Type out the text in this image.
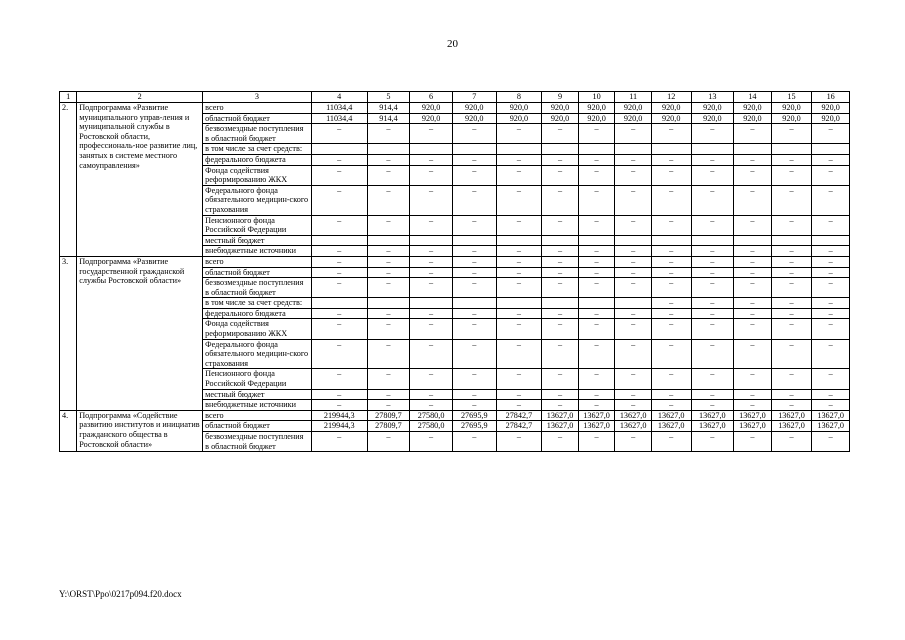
20
1	2	3	4	5	6	7	8	9	10	11	12	13	14	15	16
2.	Подпрограмма «Развитие муниципального управ-ления и муниципальной службы в Ростовской области, профессиональ-ное развитие лиц, занятых в системе местного самоуправления»	всего	11034,4	914,4	920,0	920,0	920,0	920,0	920,0	920,0	920,0	920,0	920,0	920,0	920,0
		областной бюджет	11034,4	914,4	920,0	920,0	920,0	920,0	920,0	920,0	920,0	920,0	920,0	920,0	920,0
		безвозмездные поступления в областной бюджет	–	–	–	–	–	–	–	–	–	–	–	–	–
		в том числе за счет средств:													
		федерального бюджета	–	–	–	–	–	–	–	–	–	–	–	–	–
		Фонда содействия реформированию ЖКХ	–	–	–	–	–	–	–	–	–	–	–	–	–
		Федерального фонда обязательного медицин-ского страхования	–	–	–	–	–	–	–	–	–	–	–	–	–
		Пенсионного фонда Российской Федерации	–	–	–	–	–	–	–	–	–	–	–	–	–
		местный бюджет													
		внебюджетные источники	–	–	–	–	–	–	–	–	–	–	–	–	–
3.	Подпрограмма «Развитие государственной гражданской службы Ростовской области»	всего	–	–	–	–	–	–	–	–	–	–	–	–	–
		областной бюджет	–	–	–	–	–	–	–	–	–	–	–	–	–
		безвозмездные поступления в областной бюджет	–	–	–	–	–	–	–	–	–	–	–	–	–
		в том числе за счет средств:									–	–	–	–	–
		федерального бюджета	–	–	–	–	–	–	–	–	–	–	–	–	–
		Фонда содействия реформированию ЖКХ	–	–	–	–	–	–	–	–	–	–	–	–	–
		Федерального фонда обязательного медицин-ского страхования	–	–	–	–	–	–	–	–	–	–	–	–	–
		Пенсионного фонда Российской Федерации	–	–	–	–	–	–	–	–	–	–	–	–	–
		местный бюджет	–	–	–	–	–	–	–	–	–	–	–	–	–
		внебюджетные источники	–	–	–	–	–	–	–	–	–	–	–	–	–
4.	Подпрограмма «Содействие развитию институтов и инициатив гражданского общества в Ростовской области»	всего	219944,3	27809,7	27580,0	27695,9	27842,7	13627,0	13627,0	13627,0	13627,0	13627,0	13627,0	13627,0	13627,0
		областной бюджет	219944,3	27809,7	27580,0	27695,9	27842,7	13627,0	13627,0	13627,0	13627,0	13627,0	13627,0	13627,0	13627,0
		безвозмездные поступления в областной бюджет	–	–	–	–	–	–	–	–	–	–	–	–	–
Y:\ORST\Ppo\0217p094.f20.docx
